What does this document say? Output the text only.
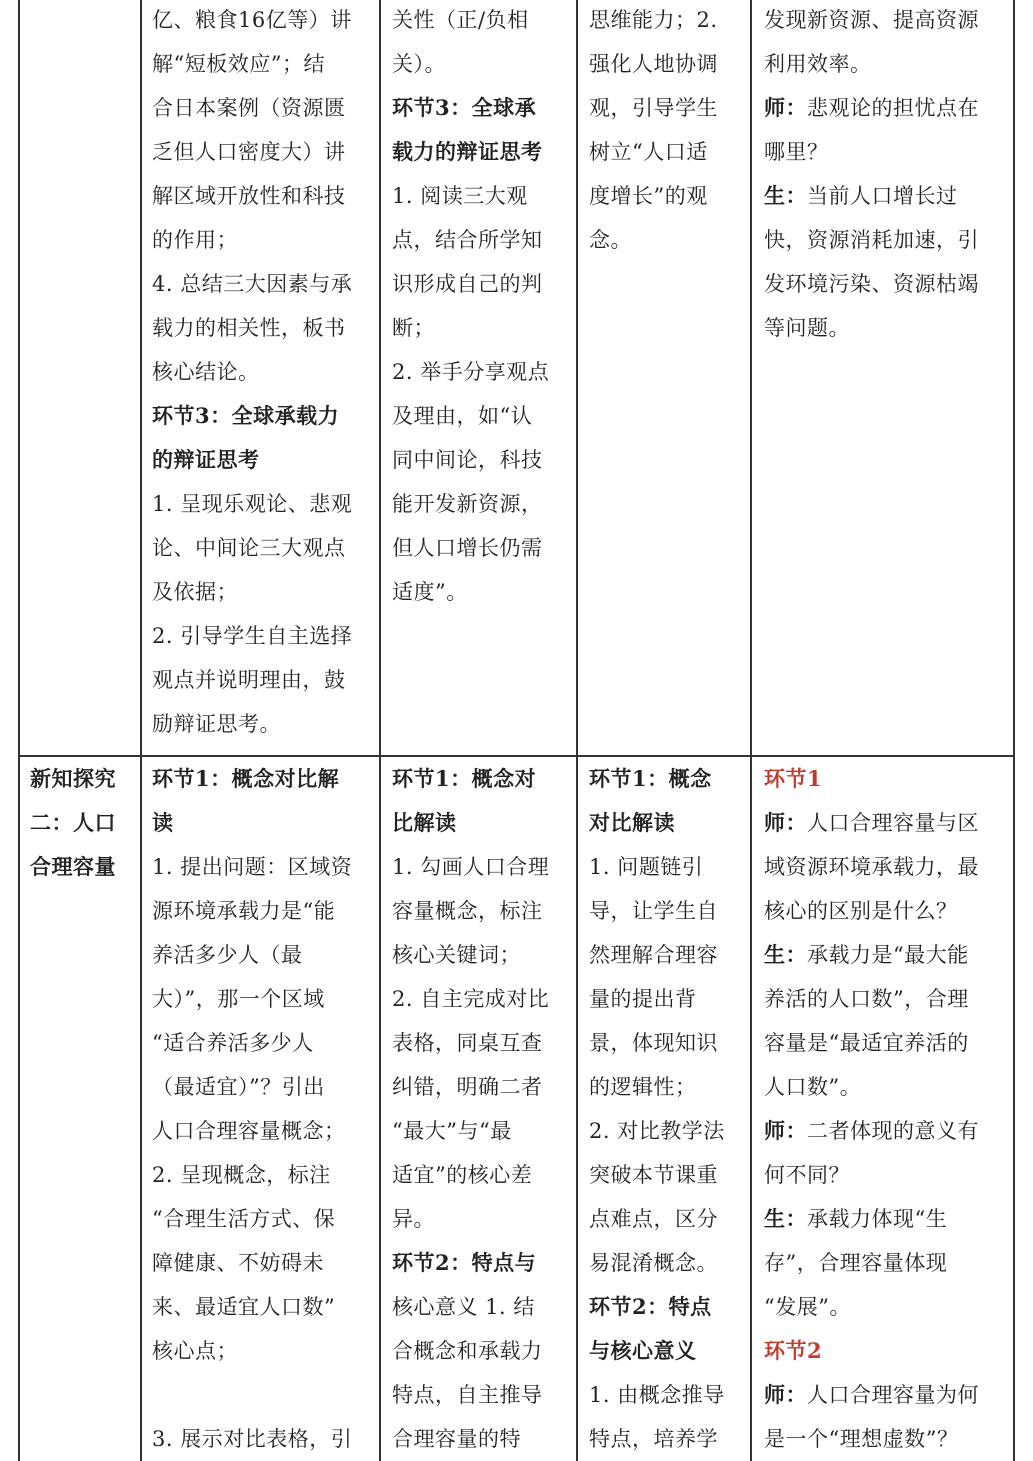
亿、粮食16亿等）讲

解“短板效应”；结

合日本案例（资源匮

乏但人口密度大）讲

解区域开放性和科技

的作用；

4. 总结三大因素与承

载力的相关性，板书

核心结论。

环节3：全球承载力

的辩证思考

1. 呈现乐观论、悲观

论、中间论三大观点

及依据；

2. 引导学生自主选择

观点并说明理由，鼓

励辩证思考。

关性（正/负相

关）。

环节3：全球承

载力的辩证思考

1. 阅读三大观

点，结合所学知

识形成自己的判

断；

2. 举手分享观点

及理由，如“认

同中间论，科技

能开发新资源，

但人口增长仍需

适度”。

思维能力；2.

强化人地协调

观，引导学生

树立“人口适

度增长”的观

念。

发现新资源、提高资源

利用效率。

师：悲观论的担忧点在

哪里？

生：当前人口增长过

快，资源消耗加速，引

发环境污染、资源枯竭

等问题。

新知探究

二：人口

合理容量

环节1：概念对比解

读

1. 提出问题：区域资

源环境承载力是“能

养活多少人（最

大）”，那一个区域

“适合养活多少人

（最适宜）”？引出

人口合理容量概念；

2. 呈现概念，标注

“合理生活方式、保

障健康、不妨碍未

来、最适宜人口数”

核心点；

3. 展示对比表格，引

环节1：概念对

比解读

1. 勾画人口合理

容量概念，标注

核心关键词；

2. 自主完成对比

表格，同桌互查

纠错，明确二者

“最大”与“最

适宜”的核心差

异。

环节2：特点与

核心意义 1. 结

合概念和承载力

特点，自主推导

合理容量的特

环节1：概念

对比解读

1. 问题链引

导，让学生自

然理解合理容

量的提出背

景，体现知识

的逻辑性；

2. 对比教学法

突破本节课重

点难点，区分

易混淆概念。

环节2：特点

与核心意义

1. 由概念推导

特点，培养学

环节1

师：人口合理容量与区

域资源环境承载力，最

核心的区别是什么？

生：承载力是“最大能

养活的人口数”，合理

容量是“最适宜养活的

人口数”。

师：二者体现的意义有

何不同？

生：承载力体现“生

存”，合理容量体现

“发展”。

环节2

师：人口合理容量为何

是一个“理想虚数”？
